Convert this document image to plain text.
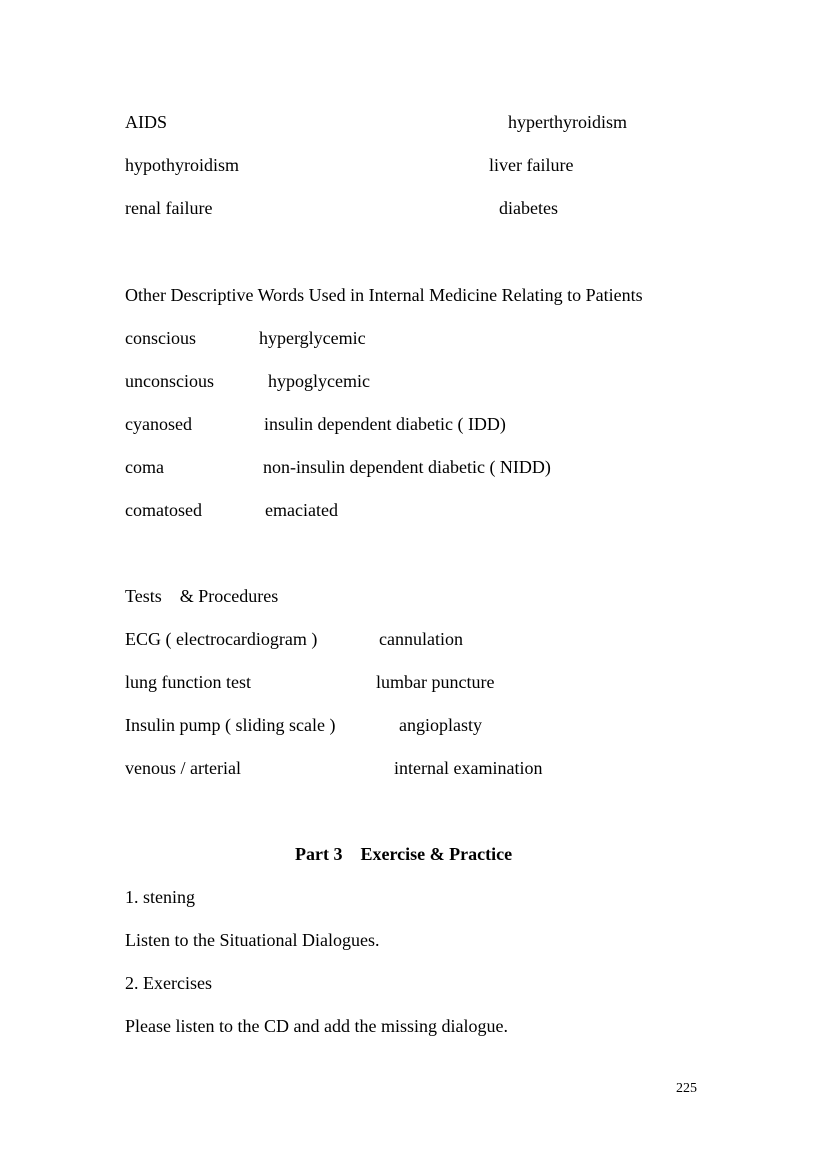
AIDS	hyperthyroidism
hypothyroidism	liver failure
renal failure	diabetes
Other Descriptive Words Used in Internal Medicine Relating to Patients
conscious	hyperglycemic
unconscious	hypoglycemic
cyanosed	insulin dependent diabetic ( IDD)
coma	non-insulin dependent diabetic ( NIDD)
comatosed	emaciated
Tests    & Procedures
ECG ( electrocardiogram )	cannulation
lung function test	lumbar puncture
Insulin pump ( sliding scale )	angioplasty
venous / arterial	internal examination
Part 3    Exercise & Practice
1. stening
Listen to the Situational Dialogues.
2. Exercises
Please listen to the CD and add the missing dialogue.
225
